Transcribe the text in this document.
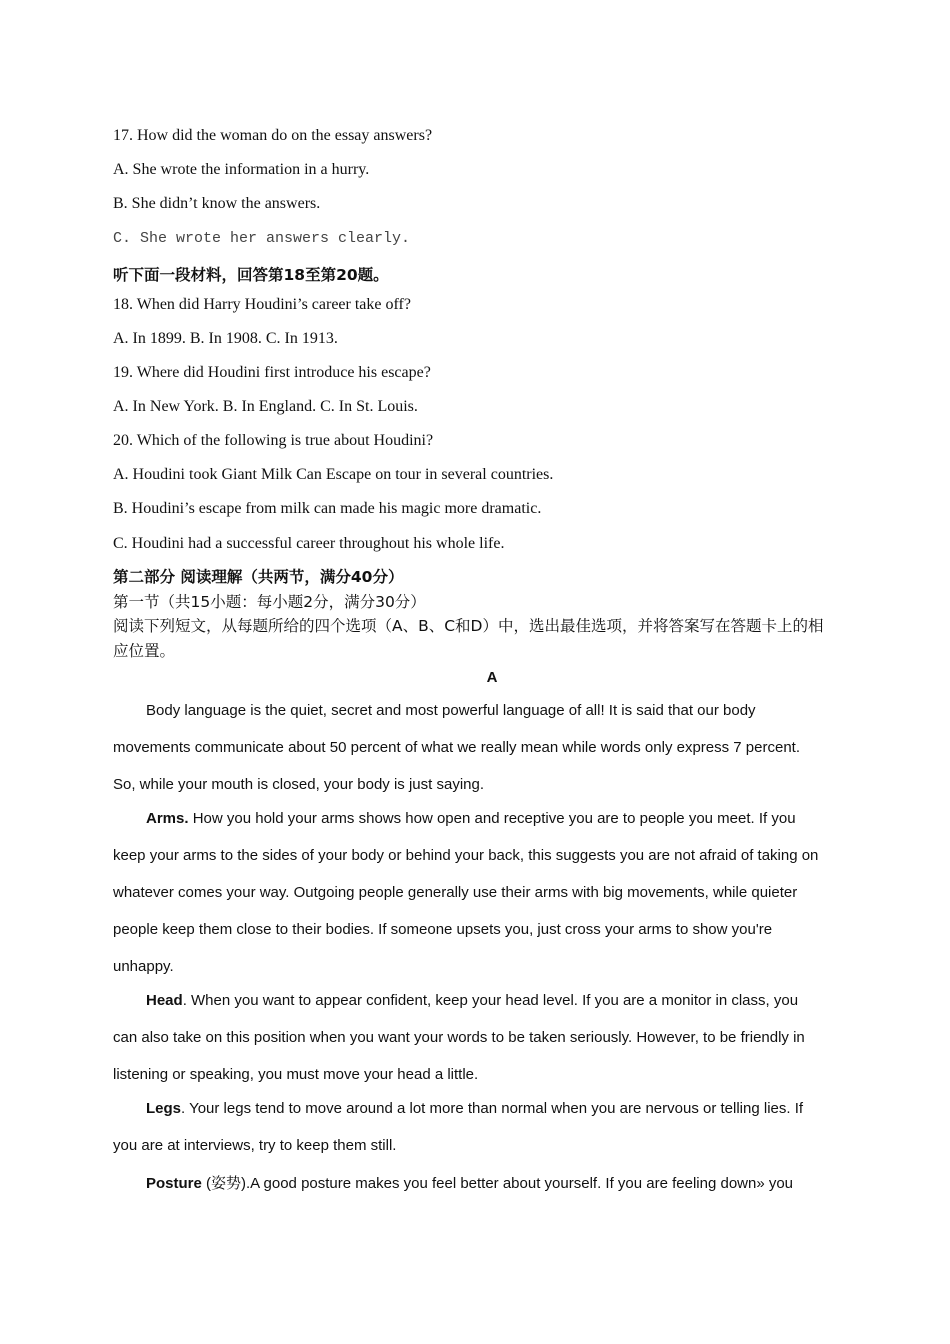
17. How did the woman do on the essay answers?
A. She wrote the information in a hurry.
B. She didn’t know the answers.
C. She wrote her answers clearly.
听下面一段材料，回答第18至第20题。
18. When did Harry Houdini’s career take off?
A. In 1899. B. In 1908. C. In 1913.
19. Where did Houdini first introduce his escape?
A. In New York. B. In England. C. In St. Louis.
20. Which of the following is true about Houdini?
A. Houdini took Giant Milk Can Escape on tour in several countries.
B. Houdini’s escape from milk can made his magic more dramatic.
C. Houdini had a successful career throughout his whole life.
第二部分 阅读理解（共两节，满分40分）
第一节（共15小题：每小题2分，满分30分）
阅读下列短文，从每题所给的四个选项（A、B、C和D）中，选出最佳选项，并将答案写在答题卡上的相应位置。
A
Body language is the quiet, secret and most powerful language of all! It is said that our body
movements communicate about 50 percent of what we really mean while words only express 7 percent.
So, while your mouth is closed, your body is just saying.
Arms. How you hold your arms shows how open and receptive you are to people you meet. If you
keep your arms to the sides of your body or behind your back, this suggests you are not afraid of taking on
whatever comes your way. Outgoing people generally use their arms with big movements, while quieter
people keep them close to their bodies. If someone upsets you, just cross your arms to show you're
unhappy.
Head. When you want to appear confident, keep your head level. If you are a monitor in class, you
can also take on this position when you want your words to be taken seriously. However, to be friendly in
listening or speaking, you must move your head a little.
Legs. Your legs tend to move around a lot more than normal when you are nervous or telling lies. If
you are at interviews, try to keep them still.
Posture (姿势).A good posture makes you feel better about yourself. If you are feeling down» you
